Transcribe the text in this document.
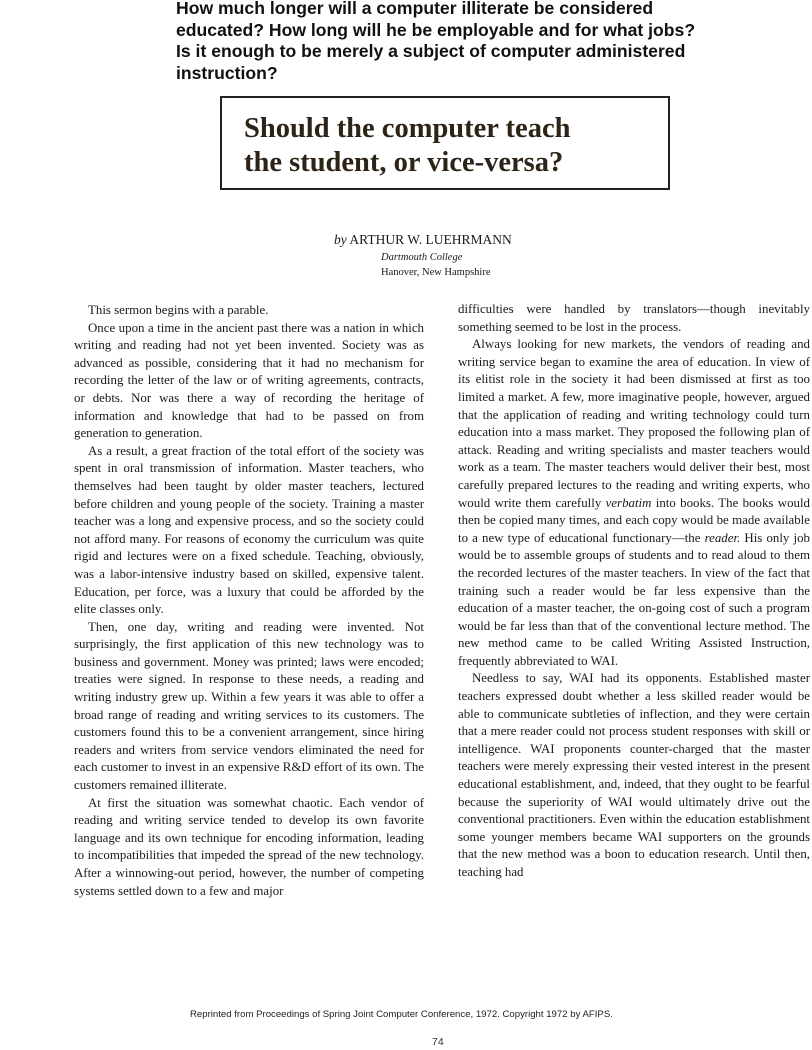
How much longer will a computer illiterate be considered

educated? How long will he be employable and for what jobs?

Is it enough to be merely a subject of computer administered

instruction?

Should the computer teach
the student, or vice-versa?
by ARTHUR W. LUEHRMANN
Dartmouth College
Hanover, New Hampshire

This sermon begins with a parable.

Once upon a time in the ancient past there was a nation in which writing and reading had not yet been invented. Society was as advanced as possible, considering that it had no mechanism for recording the letter of the law or of writing agreements, contracts, or debts. Nor was there a way of recording the heritage of information and knowledge that had to be passed on from generation to generation.

As a result, a great fraction of the total effort of the society was spent in oral transmission of information. Master teachers, who themselves had been taught by older master teachers, lectured before children and young people of the society. Training a master teacher was a long and expensive process, and so the society could not afford many. For reasons of economy the curriculum was quite rigid and lectures were on a fixed schedule. Teaching, obviously, was a labor-intensive industry based on skilled, expensive talent. Education, per force, was a luxury that could be afforded by the elite classes only.

Then, one day, writing and reading were invented. Not surprisingly, the first application of this new technology was to business and government. Money was printed; laws were encoded; treaties were signed. In response to these needs, a reading and writing industry grew up. Within a few years it was able to offer a broad range of reading and writing services to its customers. The customers found this to be a convenient arrangement, since hiring readers and writers from service vendors eliminated the need for each customer to invest in an expensive R&D effort of its own. The customers remained illiterate.

At first the situation was somewhat chaotic. Each vendor of reading and writing service tended to develop its own favorite language and its own technique for encoding information, leading to incompatibilities that impeded the spread of the new technology. After a winnowing-out period, however, the number of competing systems settled down to a few and major

difficulties were handled by translators—though inevitably something seemed to be lost in the process.

Always looking for new markets, the vendors of reading and writing service began to examine the area of education. In view of its elitist role in the society it had been dismissed at first as too limited a market. A few, more imaginative people, however, argued that the application of reading and writing technology could turn education into a mass market. They proposed the following plan of attack. Reading and writing specialists and master teachers would work as a team. The master teachers would deliver their best, most carefully prepared lectures to the reading and writing experts, who would write them carefully verbatim into books. The books would then be copied many times, and each copy would be made available to a new type of educational functionary—the reader. His only job would be to assemble groups of students and to read aloud to them the recorded lectures of the master teachers. In view of the fact that training such a reader would be far less expensive than the education of a master teacher, the on-going cost of such a program would be far less than that of the conventional lecture method. The new method came to be called Writing Assisted Instruction, frequently abbreviated to WAI.

Needless to say, WAI had its opponents. Established master teachers expressed doubt whether a less skilled reader would be able to communicate subtleties of inflection, and they were certain that a mere reader could not process student responses with skill or intelligence. WAI proponents counter-charged that the master teachers were merely expressing their vested interest in the present educational establishment, and, indeed, that they ought to be fearful because the superiority of WAI would ultimately drive out the conventional practitioners. Even within the education establishment some younger members became WAI supporters on the grounds that the new method was a boon to education research. Until then, teaching had

Reprinted from Proceedings of Spring Joint Computer Conference, 1972. Copyright 1972 by AFIPS.
74
